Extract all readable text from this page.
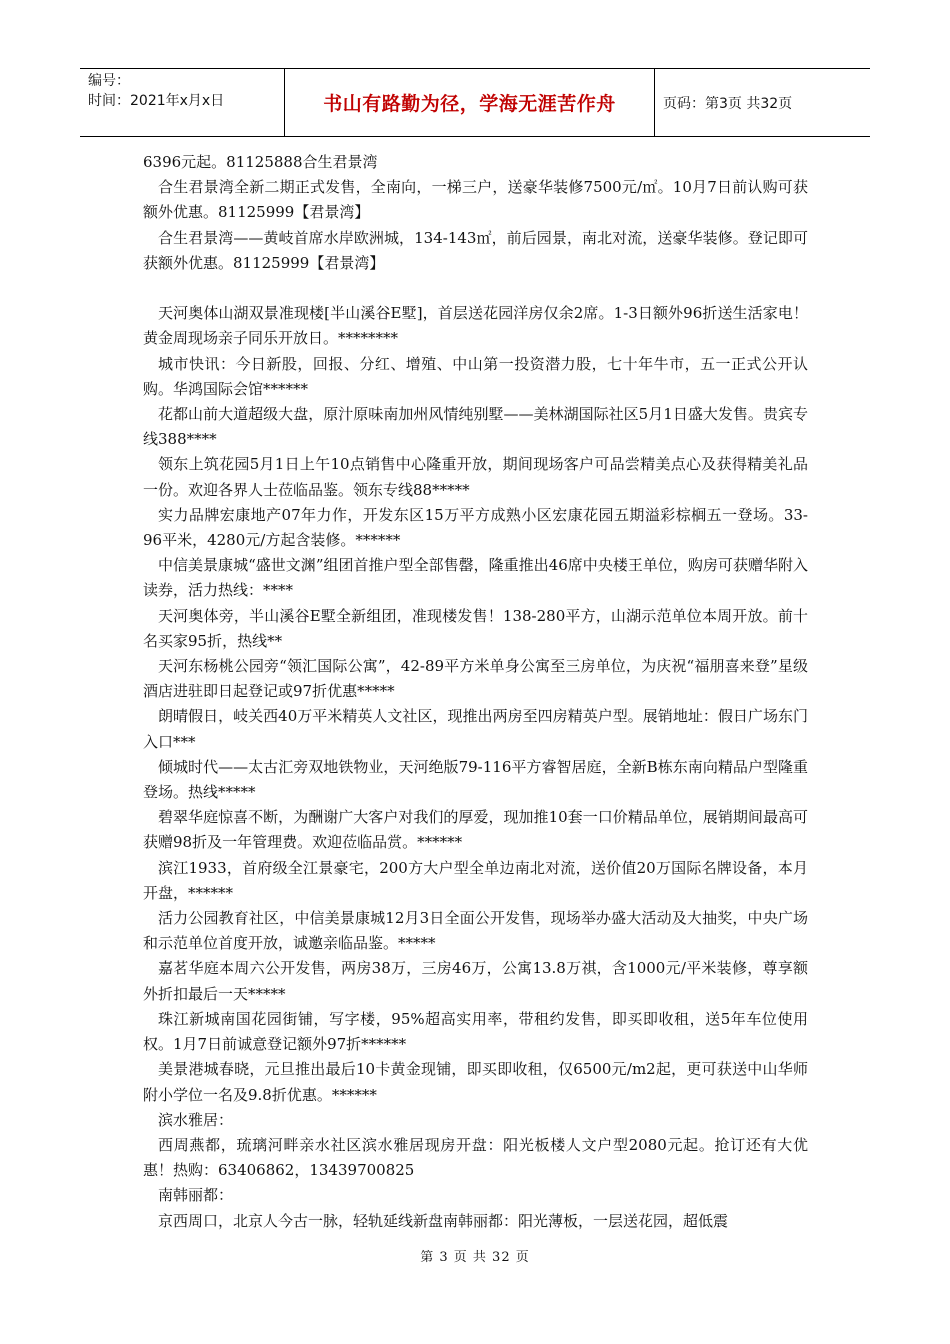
编号：
时间：2021年x月x日	书山有路勤为径，学海无涯苦作舟	页码：第3页 共32页

6396元起。81125888合生君景湾

合生君景湾全新二期正式发售，全南向，一梯三户，送豪华装修7500元/㎡。10月7日前认购可获额外优惠。81125999【君景湾】

合生君景湾——黄岐首席水岸欧洲城，134-143㎡，前后园景，南北对流，送豪华装修。登记即可获额外优惠。81125999【君景湾】

天河奥体山湖双景准现楼[半山溪谷E墅]，首层送花园洋房仅余2席。1-3日额外96折送生活家电！黄金周现场亲子同乐开放日。********

城市快讯：今日新股，回报、分红、增殖、中山第一投资潜力股，七十年牛市，五一正式公开认购。华鸿国际会馆******

花都山前大道超级大盘，原汁原味南加州风情纯别墅——美林湖国际社区5月1日盛大发售。贵宾专线388****

领东上筑花园5月1日上午10点销售中心隆重开放，期间现场客户可品尝精美点心及获得精美礼品一份。欢迎各界人士莅临品鉴。领东专线88*****

实力品牌宏康地产07年力作，开发东区15万平方成熟小区宏康花园五期溢彩棕榈五一登场。33-96平米，4280元/方起含装修。******

中信美景康城“盛世文渊”组团首推户型全部售罄，隆重推出46席中央楼王单位，购房可获赠华附入读券，活力热线：****

天河奥体旁，半山溪谷E墅全新组团，准现楼发售！138-280平方，山湖示范单位本周开放。前十名买家95折，热线**

天河东杨桃公园旁“领汇国际公寓”，42-89平方米单身公寓至三房单位，为庆祝“福朋喜来登”星级酒店进驻即日起登记或97折优惠*****

朗晴假日，岐关西40万平米精英人文社区，现推出两房至四房精英户型。展销地址：假日广场东门入口***

倾城时代——太古汇旁双地铁物业，天河绝版79-116平方睿智居庭，全新B栋东南向精品户型隆重登场。热线*****

碧翠华庭惊喜不断，为酬谢广大客户对我们的厚爱，现加推10套一口价精品单位，展销期间最高可获赠98折及一年管理费。欢迎莅临品赏。******

滨江1933，首府级全江景豪宅，200方大户型全单边南北对流，送价值20万国际名牌设备，本月开盘，******

活力公园教育社区，中信美景康城12月3日全面公开发售，现场举办盛大活动及大抽奖，中央广场和示范单位首度开放，诚邀亲临品鉴。*****

嘉茗华庭本周六公开发售，两房38万，三房46万，公寓13.8万祺，含1000元/平米装修，尊享额外折扣最后一天*****

珠江新城南国花园街铺，写字楼，95%超高实用率，带租约发售，即买即收租，送5年车位使用权。1月7日前诚意登记额外97折******

美景港城春晓，元旦推出最后10卡黄金现铺，即买即收租，仅6500元/m2起，更可获送中山华师附小学位一名及9.8折优惠。******

滨水雅居：

西周燕都，琉璃河畔亲水社区滨水雅居现房开盘：阳光板楼人文户型2080元起。抢订还有大优惠！热购：63406862，13439700825

南韩丽都：

京西周口，北京人今古一脉，轻轨延线新盘南韩丽都：阳光薄板，一层送花园，超低震

第 3 页 共 32 页
